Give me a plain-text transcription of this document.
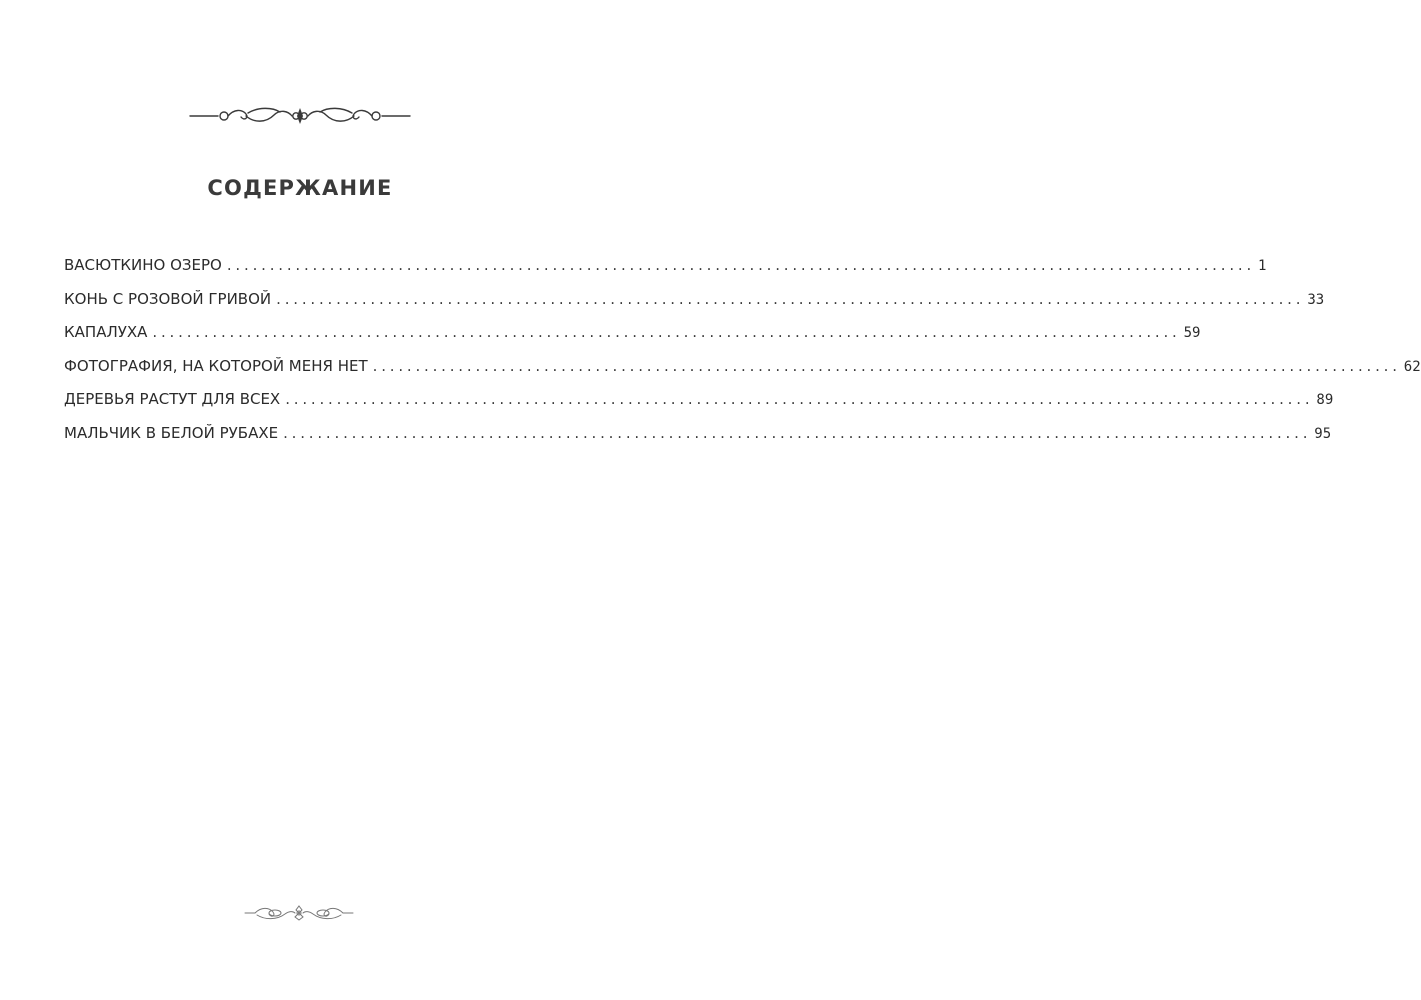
СОДЕРЖАНИЕ
ВАСЮТКИНО ОЗЕРО ........................................................................................................................ 1
КОНЬ С РОЗОВОЙ ГРИВОЙ ........................................................................................................................ 33
КАПАЛУХА ........................................................................................................................ 59
ФОТОГРАФИЯ, НА КОТОРОЙ МЕНЯ НЕТ ........................................................................................................................ 62
ДЕРЕВЬЯ РАСТУТ ДЛЯ ВСЕХ ........................................................................................................................ 89
МАЛЬЧИК В БЕЛОЙ РУБАХЕ ........................................................................................................................ 95
